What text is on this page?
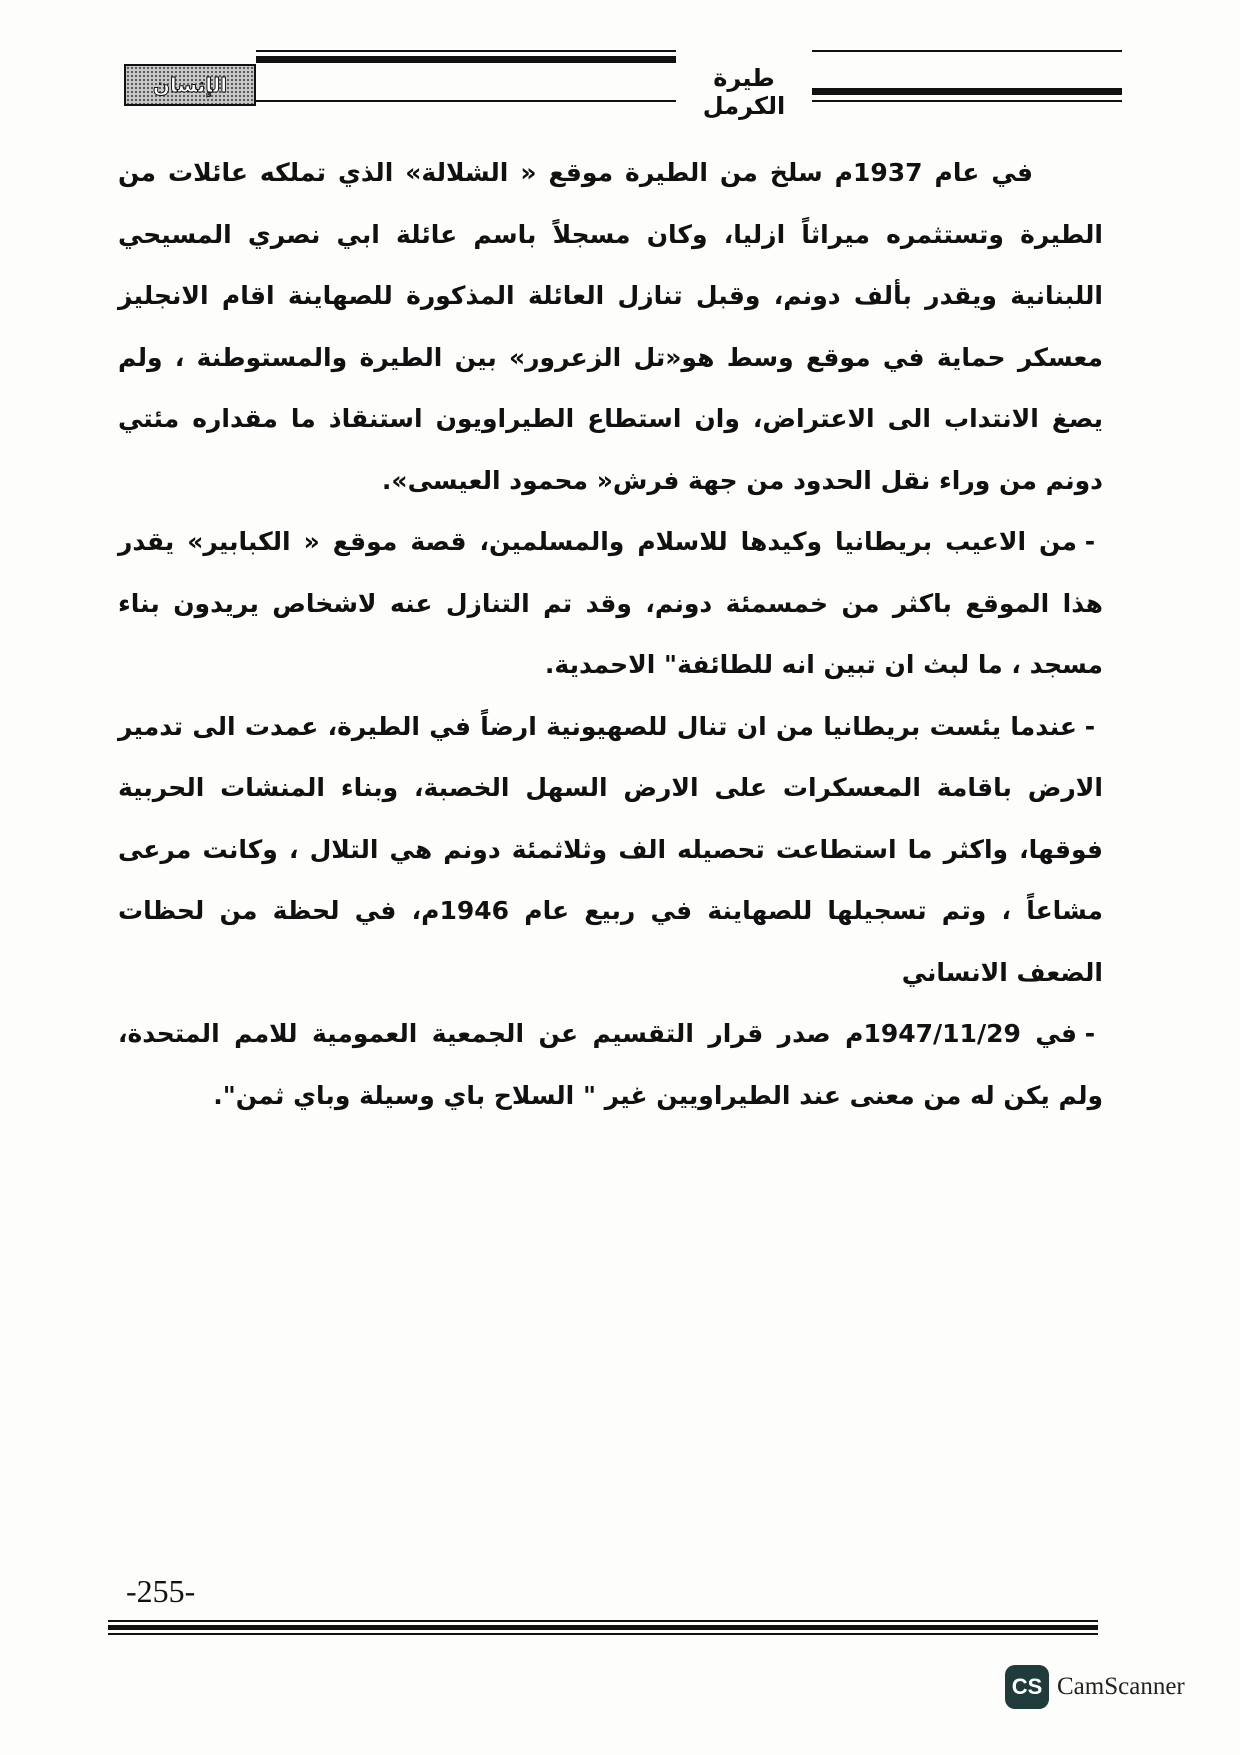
الإنسان	طيرة الكرمل

في عام 1937م سلخ من الطيرة موقع « الشلالة» الذي تملكه عائلات من الطيرة وتستثمره ميراثاً ازليا، وكان مسجلاً باسم عائلة ابي نصري المسيحي اللبنانية ويقدر بألف دونم، وقبل تنازل العائلة المذكورة للصهاينة اقام الانجليز معسكر حماية في موقع وسط هو«تل الزعرور» بين الطيرة والمستوطنة ، ولم يصغ الانتداب الى الاعتراض، وان استطاع الطيراويون استنقاذ ما مقداره مئتي دونم من وراء نقل الحدود من جهة فرش« محمود العيسى».

-من الاعيب بريطانيا وكيدها للاسلام والمسلمين، قصة موقع « الكبابير» يقدر هذا الموقع باكثر من خمسمئة دونم، وقد تم التنازل عنه لاشخاص يريدون بناء مسجد ، ما لبث ان تبين انه للطائفة" الاحمدية.

-عندما يئست بريطانيا من ان تنال للصهيونية ارضاً في الطيرة، عمدت الى تدمير الارض باقامة المعسكرات على الارض السهل الخصبة، وبناء المنشات الحربية فوقها، واكثر ما استطاعت تحصيله الف وثلاثمئة دونم هي التلال ، وكانت مرعى مشاعاً ، وتم تسجيلها للصهاينة في ربيع عام 1946م، في لحظة من لحظات الضعف الانساني

-في 1947/11/29م صدر قرار التقسيم عن الجمعية العمومية للامم المتحدة، ولم يكن له من معنى عند الطيراويين غير " السلاح باي وسيلة وباي ثمن".

-255-
CS CamScanner
